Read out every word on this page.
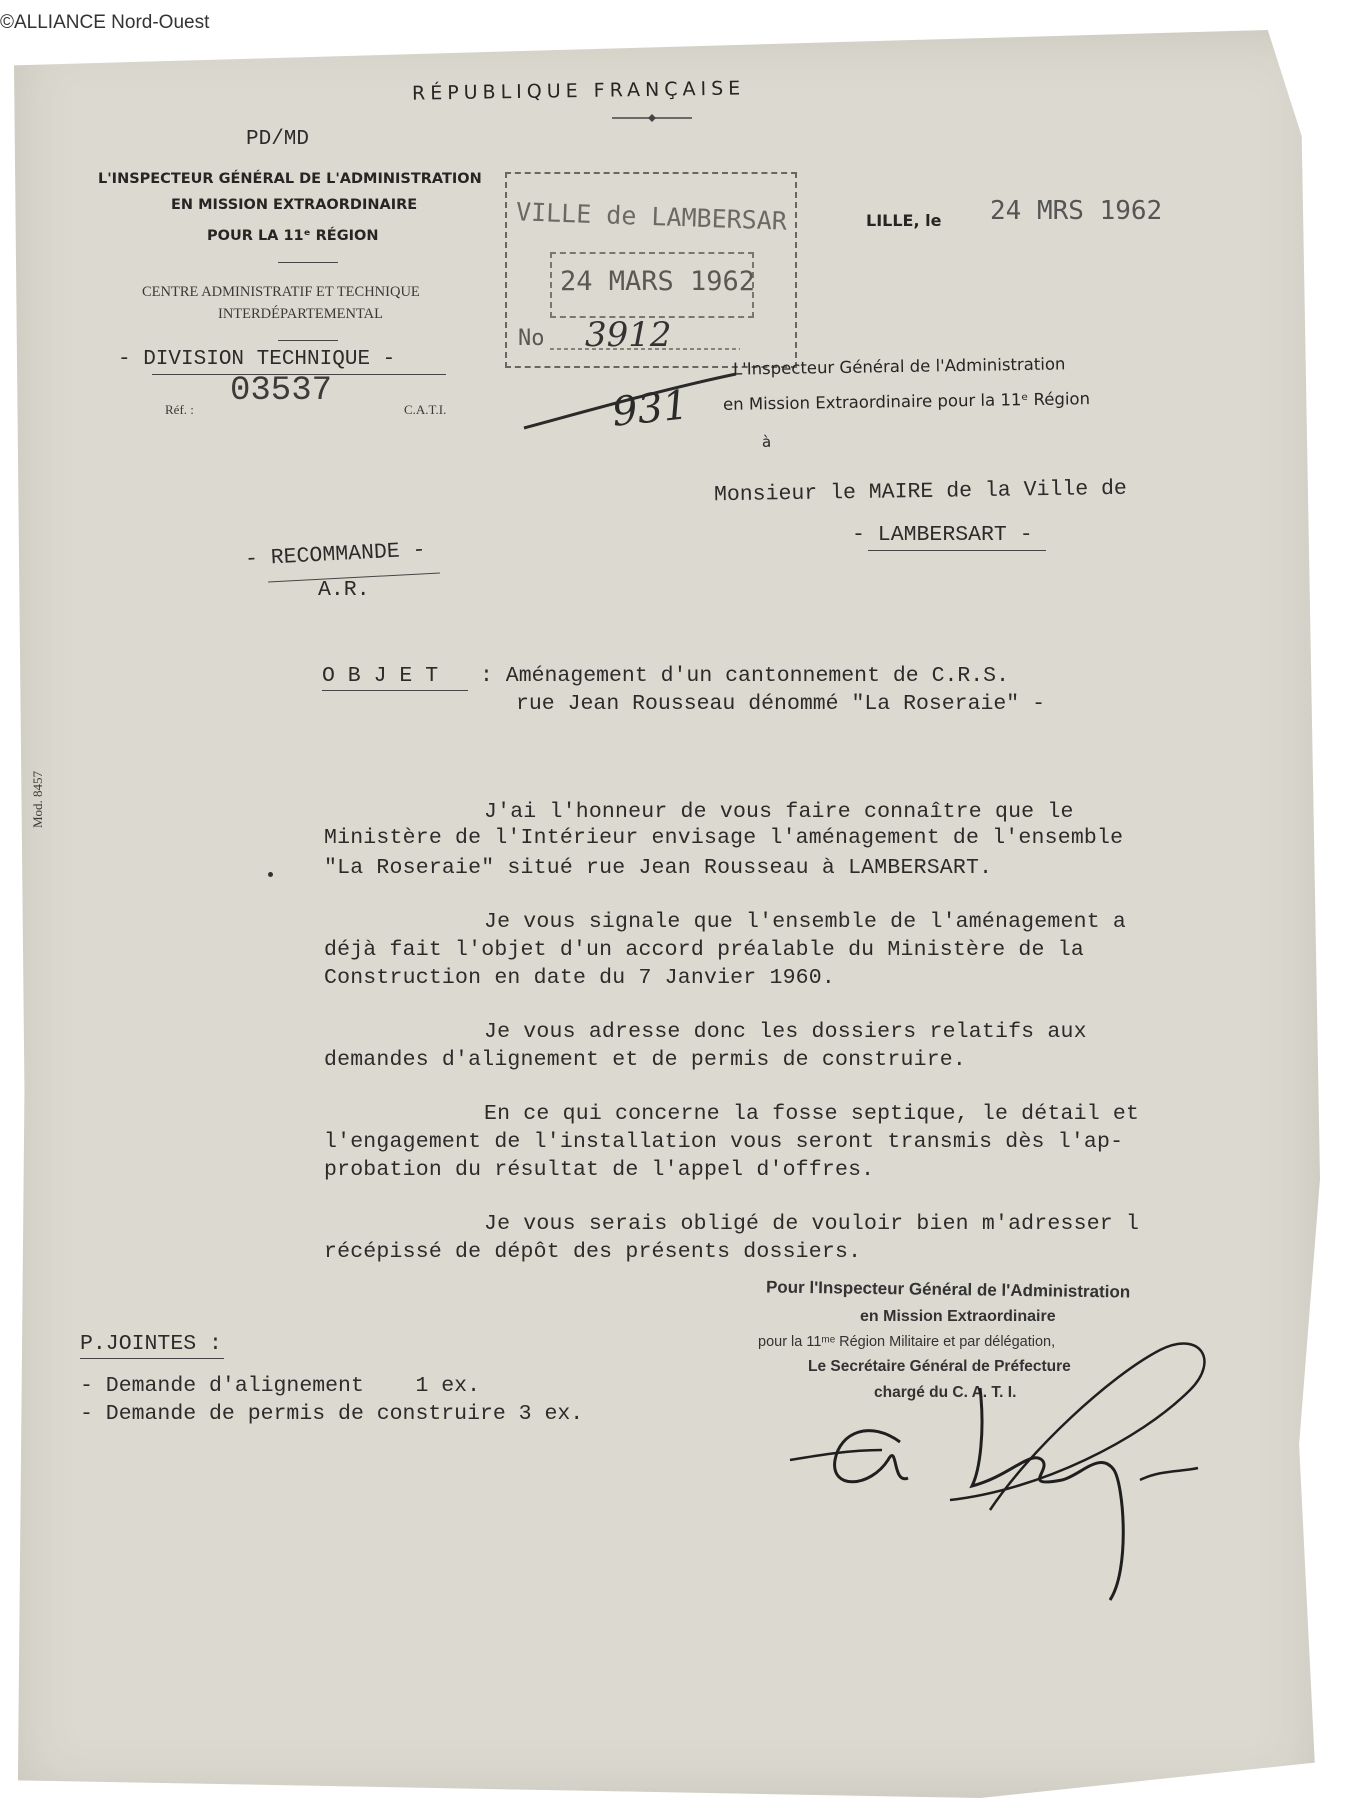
©ALLIANCE Nord-Ouest
RÉPUBLIQUE FRANÇAISE
PD/MD
L'INSPECTEUR GÉNÉRAL DE L'ADMINISTRATION
EN MISSION EXTRAORDINAIRE
POUR LA 11ᵉ RÉGION
CENTRE ADMINISTRATIF ET TECHNIQUE
INTERDÉPARTEMENTAL
- DIVISION TECHNIQUE -
Réf. : 03537	C.A.T.I.
VILLE de LAMBERSAR
24 MARS 1962
No 3912
931
LILLE, le 24 MRS 1962
L'Inspecteur Général de l'Administration
en Mission Extraordinaire pour la 11ᵉ Région
à
Monsieur le MAIRE de la Ville de
- LAMBERSART -
- RECOMMANDE -
A.R.
O B J E T : Aménagement d'un cantonnement de C.R.S.
rue Jean Rousseau dénommé "La Roseraie" -
Mod. 8457	J'ai l'honneur de vous faire connaître que le
Ministère de l'Intérieur envisage l'aménagement de l'ensemble
"La Roseraie" situé rue Jean Rousseau à LAMBERSART.
Je vous signale que l'ensemble de l'aménagement a
déjà fait l'objet d'un accord préalable du Ministère de la
Construction en date du 7 Janvier 1960.
Je vous adresse donc les dossiers relatifs aux
demandes d'alignement et de permis de construire.
En ce qui concerne la fosse septique, le détail et
l'engagement de l'installation vous seront transmis dès l'ap-
probation du résultat de l'appel d'offres.
Je vous serais obligé de vouloir bien m'adresser l
récépissé de dépôt des présents dossiers.
P.JOINTES :
- Demande d'alignement    1 ex.
- Demande de permis de construire 3 ex.
Pour l'Inspecteur Général de l'Administration
en Mission Extraordinaire
pour la 11ᵐᵉ Région Militaire et par délégation,
Le Secrétaire Général de Préfecture
chargé du C. A. T. I.
